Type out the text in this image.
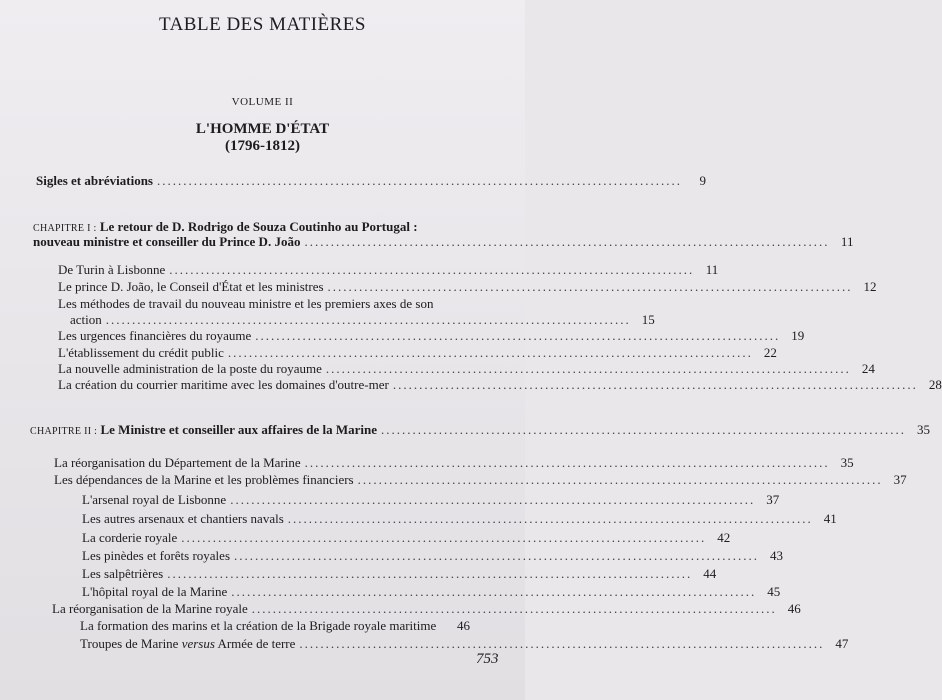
TABLE DES MATIÈRES
VOLUME II
L'HOMME D'ÉTAT
(1796-1812)
Sigles et abréviations ....................................................................................................	9
CHAPITRE I : Le retour de D. Rodrigo de Souza Coutinho au Portugal :
nouveau ministre et conseiller du Prince D. João .................................................................................................... 11
De Turin à Lisbonne .................................................................................................... 11
Le prince D. João, le Conseil d'État et les ministres .................................................................................................... 12
Les méthodes de travail du nouveau ministre et les premiers axes de son
action .................................................................................................... 15
Les urgences financières du royaume .................................................................................................... 19
L'établissement du crédit public .................................................................................................... 22
La nouvelle administration de la poste du royaume .................................................................................................... 24
La création du courrier maritime avec les domaines d'outre-mer .................................................................................................... 28
CHAPITRE II : Le Ministre et conseiller aux affaires de la Marine .................................................................................................... 35
La réorganisation du Département de la Marine .................................................................................................... 35
Les dépendances de la Marine et les problèmes financiers .................................................................................................... 37
L'arsenal royal de Lisbonne .................................................................................................... 37
Les autres arsenaux et chantiers navals .................................................................................................... 41
La corderie royale .................................................................................................... 42
Les pinèdes et forêts royales .................................................................................................... 43
Les salpêtrières .................................................................................................... 44
L'hôpital royal de la Marine .................................................................................................... 45
La réorganisation de la Marine royale .................................................................................................... 46
La formation des marins et la création de la Brigade royale maritime	46
Troupes de Marine versus Armée de terre .................................................................................................... 47
753
